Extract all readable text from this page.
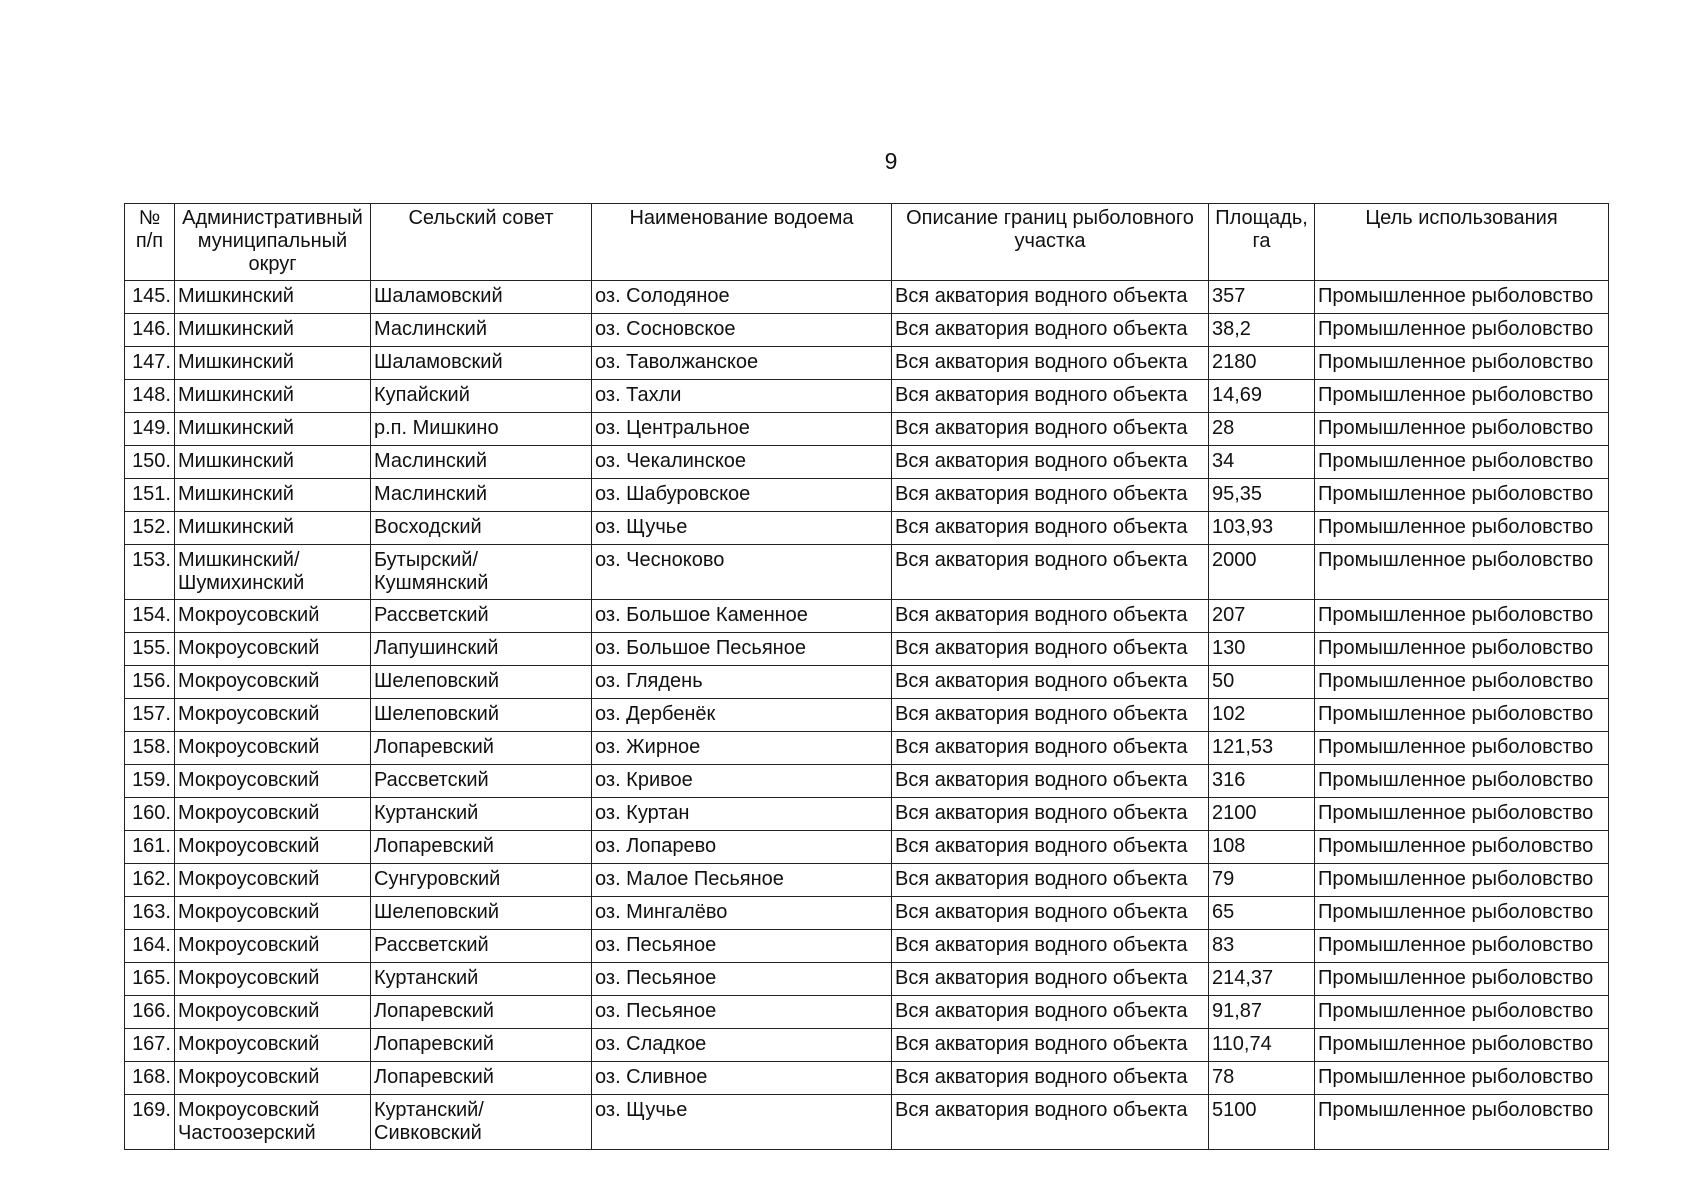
9
№ п/п	Административный муниципальный округ	Сельский совет	Наименование водоема	Описание границ рыболовного участка	Площадь, га	Цель использования
145.	Мишкинский	Шаламовский	оз. Солодяное	Вся акватория водного объекта	357	Промышленное рыболовство
146.	Мишкинский	Маслинский	оз. Сосновское	Вся акватория водного объекта	38,2	Промышленное рыболовство
147.	Мишкинский	Шаламовский	оз. Таволжанское	Вся акватория водного объекта	2180	Промышленное рыболовство
148.	Мишкинский	Купайский	оз. Тахли	Вся акватория водного объекта	14,69	Промышленное рыболовство
149.	Мишкинский	р.п. Мишкино	оз. Центральное	Вся акватория водного объекта	28	Промышленное рыболовство
150.	Мишкинский	Маслинский	оз. Чекалинское	Вся акватория водного объекта	34	Промышленное рыболовство
151.	Мишкинский	Маслинский	оз. Шабуровское	Вся акватория водного объекта	95,35	Промышленное рыболовство
152.	Мишкинский	Восходский	оз. Щучье	Вся акватория водного объекта	103,93	Промышленное рыболовство
153.	Мишкинский/ Шумихинский	Бутырский/ Кушмянский	оз. Чесноково	Вся акватория водного объекта	2000	Промышленное рыболовство
154.	Мокроусовский	Рассветский	оз. Большое Каменное	Вся акватория водного объекта	207	Промышленное рыболовство
155.	Мокроусовский	Лапушинский	оз. Большое Песьяное	Вся акватория водного объекта	130	Промышленное рыболовство
156.	Мокроусовский	Шелеповский	оз. Глядень	Вся акватория водного объекта	50	Промышленное рыболовство
157.	Мокроусовский	Шелеповский	оз. Дербенёк	Вся акватория водного объекта	102	Промышленное рыболовство
158.	Мокроусовский	Лопаревский	оз. Жирное	Вся акватория водного объекта	121,53	Промышленное рыболовство
159.	Мокроусовский	Рассветский	оз. Кривое	Вся акватория водного объекта	316	Промышленное рыболовство
160.	Мокроусовский	Куртанский	оз. Куртан	Вся акватория водного объекта	2100	Промышленное рыболовство
161.	Мокроусовский	Лопаревский	оз. Лопарево	Вся акватория водного объекта	108	Промышленное рыболовство
162.	Мокроусовский	Сунгуровский	оз. Малое Песьяное	Вся акватория водного объекта	79	Промышленное рыболовство
163.	Мокроусовский	Шелеповский	оз. Мингалёво	Вся акватория водного объекта	65	Промышленное рыболовство
164.	Мокроусовский	Рассветский	оз. Песьяное	Вся акватория водного объекта	83	Промышленное рыболовство
165.	Мокроусовский	Куртанский	оз. Песьяное	Вся акватория водного объекта	214,37	Промышленное рыболовство
166.	Мокроусовский	Лопаревский	оз. Песьяное	Вся акватория водного объекта	91,87	Промышленное рыболовство
167.	Мокроусовский	Лопаревский	оз. Сладкое	Вся акватория водного объекта	110,74	Промышленное рыболовство
168.	Мокроусовский	Лопаревский	оз. Сливное	Вся акватория водного объекта	78	Промышленное рыболовство
169.	Мокроусовский Частоозерский	Куртанский/ Сивковский	оз. Щучье	Вся акватория водного объекта	5100	Промышленное рыболовство
